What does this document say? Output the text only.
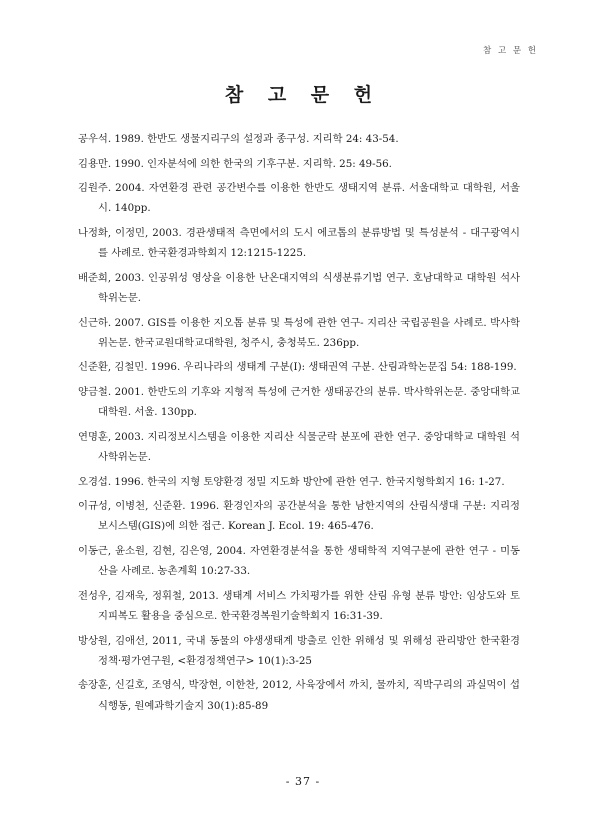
참 고 문 헌
참 고 문 헌
공우석. 1989. 한반도 생물지리구의 설정과 종구성. 지리학 24: 43-54.
김용만. 1990. 인자분석에 의한 한국의 기후구분. 지리학. 25: 49-56.
김원주. 2004. 자연환경 관련 공간변수를 이용한 한반도 생태지역 분류. 서울대학교 대학원, 서울시. 140pp.
나정화, 이정민, 2003. 경관생태적 측면에서의 도시 에코톱의 분류방법 및 특성분석 - 대구광역시를 사례로. 한국환경과학회지 12:1215-1225.
배준희, 2003. 인공위성 영상을 이용한 난온대지역의 식생분류기법 연구. 호남대학교 대학원 석사학위논문.
신근하. 2007. GIS를 이용한 지오톱 분류 및 특성에 관한 연구- 지리산 국립공원을 사례로. 박사학위논문. 한국교원대학교대학원, 청주시, 충청북도. 236pp.
신준환, 김철민. 1996. 우리나라의 생태계 구분(I): 생태권역 구분. 산림과학논문집 54: 188-199.
양금철. 2001. 한반도의 기후와 지형적 특성에 근거한 생태공간의 분류. 박사학위논문. 중앙대학교 대학원. 서울. 130pp.
연명훈, 2003. 지리정보시스템을 이용한 지리산 식물군락 분포에 관한 연구. 중앙대학교 대학원 석사학위논문.
오경섭. 1996. 한국의 지형 토양환경 정밀 지도화 방안에 관한 연구. 한국지형학회지 16: 1-27.
이규성, 이병천, 신준환. 1996. 환경인자의 공간분석을 통한 남한지역의 산림식생대 구분: 지리정보시스템(GIS)에 의한 접근. Korean J. Ecol. 19: 465-476.
이동근, 윤소원, 김현, 김은영, 2004. 자연환경분석을 통한 생태학적 지역구분에 관한 연구 - 미동산을 사례로. 농촌계획 10:27-33.
전성우, 김재욱, 정휘철, 2013. 생태계 서비스 가치평가를 위한 산림 유형 분류 방안: 임상도와 토지피복도 활용을 중심으로. 한국환경복원기술학회지 16:31-39.
방상원, 김애선, 2011, 국내 동물의 야생생태계 방출로 인한 위해성 및 위해성 관리방안 한국환경정책·평가연구원, <환경정책연구> 10(1):3-25
송장훈, 신길호, 조영식, 박장현, 이한찬, 2012, 사육장에서 까치, 물까치, 직박구리의 과실먹이 섭식행동, 원예과학기술지 30(1):85-89
- 37 -
